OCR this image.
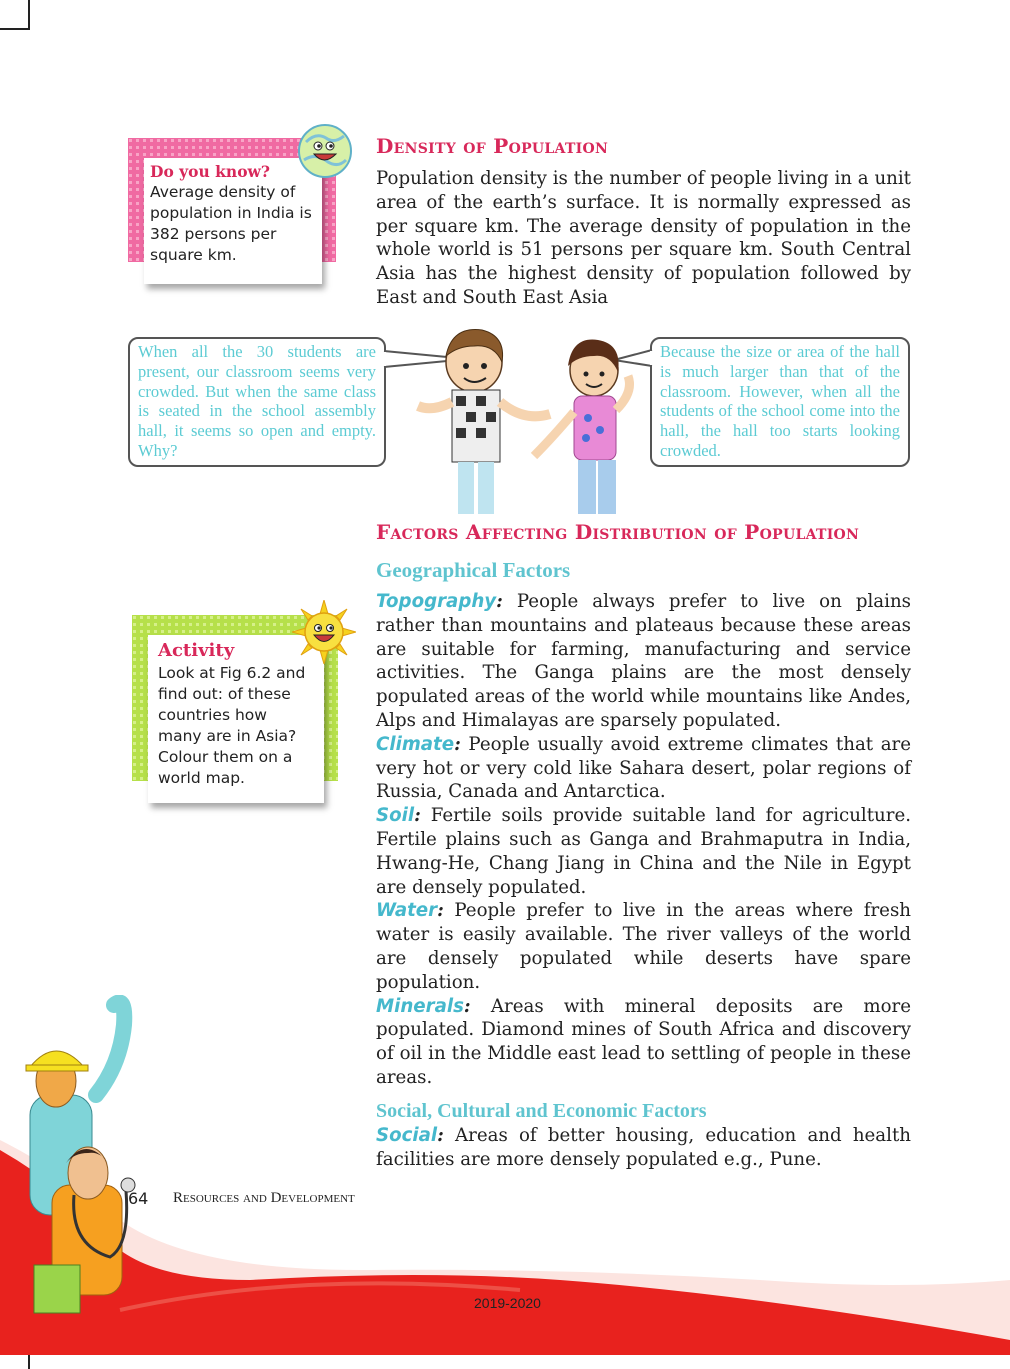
Do you know?
Average density of population in India is 382 persons per square km.
Density of Population
Population density is the number of people living in a unit area of the earth’s surface. It is normally expressed as per square km. The average density of population in the whole world is 51 persons per square km. South Central Asia has the highest density of population followed by East and South East Asia
When all the 30 students are present, our classroom seems very crowded. But when the same class is seated in the school assembly hall, it seems so open and empty. Why?
Because the size or area of the hall is much larger than that of the classroom. However, when all the students of the school come into the hall, the hall too starts looking crowded.
Factors Affecting Distribution of Population
Geographical Factors

Topography: People always prefer to live on plains rather than mountains and plateaus because these areas are suitable for farming, manufacturing and service activities. The Ganga plains are the most densely populated areas of the world while mountains like Andes, Alps and Himalayas are sparsely populated.

Climate: People usually avoid extreme climates that are very hot or very cold like Sahara desert, polar regions of Russia, Canada and Antarctica.

Soil: Fertile soils provide suitable land for agriculture. Fertile plains such as Ganga and Brahmaputra in India, Hwang-He, Chang Jiang in China and the Nile in Egypt are densely populated.

Water: People prefer to live in the areas where fresh water is easily available. The river valleys of the world are densely populated while deserts have spare population.

Minerals: Areas with mineral deposits are more populated. Diamond mines of South Africa and discovery of oil in the Middle east lead to settling of people in these areas.

Social, Cultural and Economic Factors

Social: Areas of better housing, education and health facilities are more densely populated e.g., Pune.

Activity
Look at Fig 6.2 and find out: of these countries how many are in Asia? Colour them on a world map.
64 Resources and Development
2019-2020
